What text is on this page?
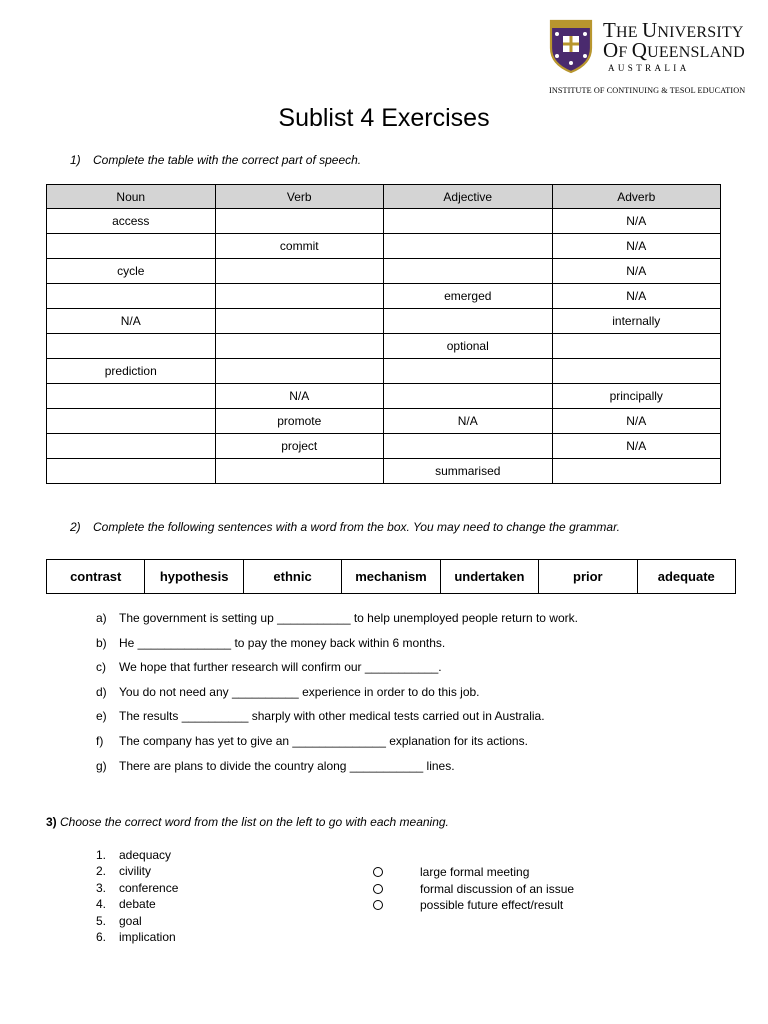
THE UNIVERSITY
OF QUEENSLAND
AUSTRALIA
INSTITUTE OF CONTINUING & TESOL EDUCATION
Sublist 4 Exercises
1) Complete the table with the correct part of speech.
Noun	Verb	Adjective	Adverb
access			N/A
	commit		N/A
cycle			N/A
		emerged	N/A
N/A			internally
		optional	
prediction			
	N/A		principally
	promote	N/A	N/A
	project		N/A
		summarised	
2) Complete the following sentences with a word from the box. You may need to change the grammar.
contrast	hypothesis	ethnic	mechanism	undertaken	prior	adequate
a) The government is setting up ___________ to help unemployed people return to work.
b) He ______________ to pay the money back within 6 months.
c) We hope that further research will confirm our ___________.
d) You do not need any __________ experience in order to do this job.
e) The results __________ sharply with other medical tests carried out in Australia.
f) The company has yet to give an ______________ explanation for its actions.
g) There are plans to divide the country along ___________ lines.
3) Choose the correct word from the list on the left to go with each meaning.
1. adequacy
2. civility
3. conference
4. debate
5. goal
6. implication
large formal meeting
formal discussion of an issue
possible future effect/result
